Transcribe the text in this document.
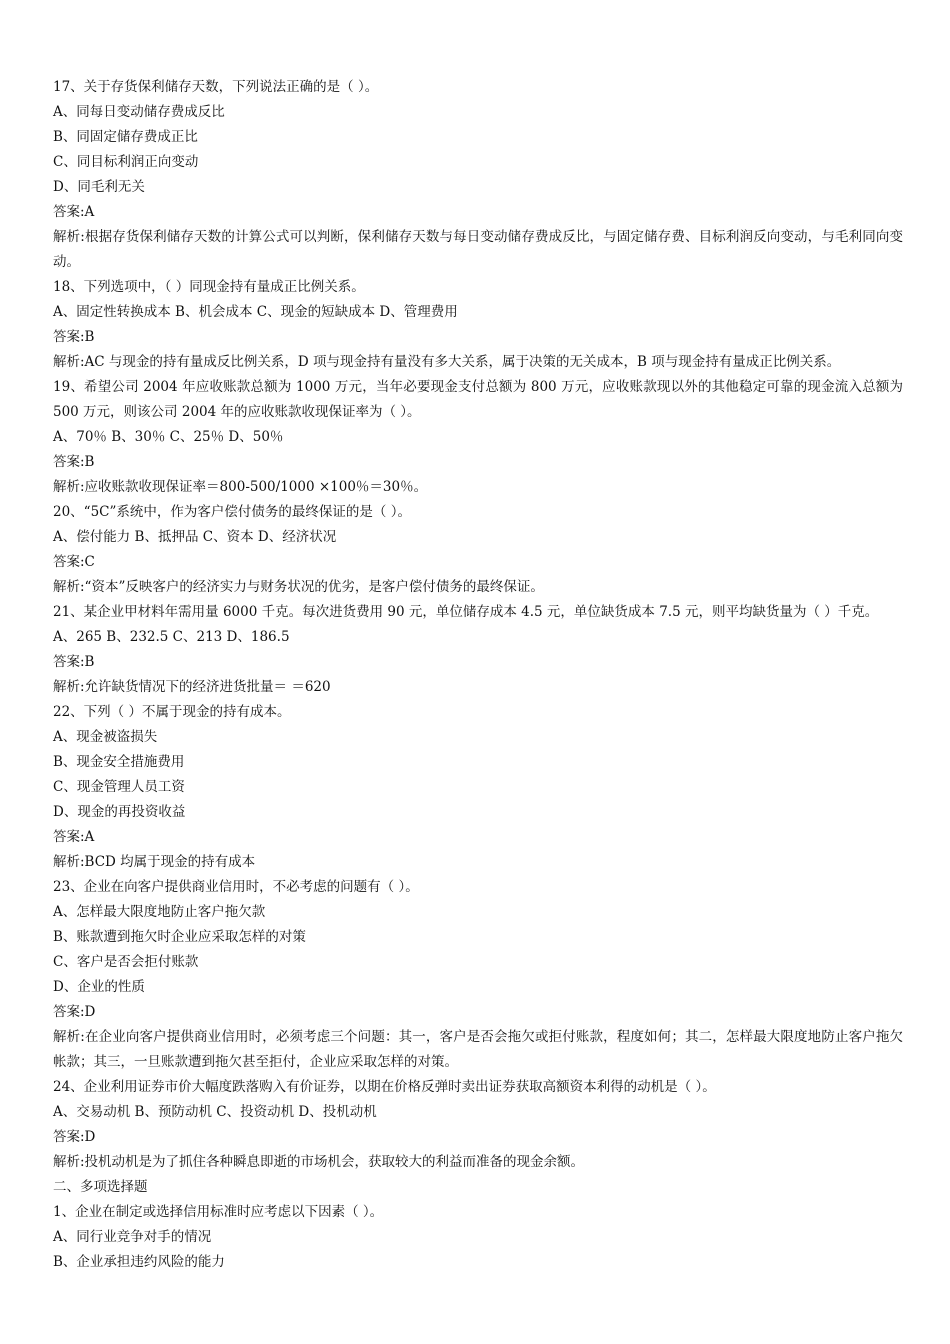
17、关于存货保利储存天数，下列说法正确的是（ ）。
A、同每日变动储存费成反比
B、同固定储存费成正比
C、同目标利润正向变动
D、同毛利无关
答案:A
解析:根据存货保利储存天数的计算公式可以判断，保利储存天数与每日变动储存费成反比，与固定储存费、目标利润反向变动，与毛利同向变动。
18、下列选项中，（ ）同现金持有量成正比例关系。
A、固定性转换成本 B、机会成本 C、现金的短缺成本 D、管理费用
答案:B
解析:AC 与现金的持有量成反比例关系，D 项与现金持有量没有多大关系，属于决策的无关成本，B 项与现金持有量成正比例关系。
19、希望公司 2004 年应收账款总额为 1000 万元，当年必要现金支付总额为 800 万元，应收账款现以外的其他稳定可靠的现金流入总额为 500 万元，则该公司 2004 年的应收账款收现保证率为（ ）。
A、70％ B、30％ C、25％ D、50％
答案:B
解析:应收账款收现保证率＝800-500/1000 ×100％＝30％。
20、“5C”系统中，作为客户偿付债务的最终保证的是（ ）。
A、偿付能力 B、抵押品 C、资本 D、经济状况
答案:C
解析:“资本”反映客户的经济实力与财务状况的优劣，是客户偿付债务的最终保证。
21、某企业甲材料年需用量 6000 千克。每次进货费用 90 元，单位储存成本 4.5 元，单位缺货成本 7.5 元，则平均缺货量为（ ）千克。
A、265 B、232.5 C、213 D、186.5
答案:B
解析:允许缺货情况下的经济进货批量＝ ＝620
22、下列（ ）不属于现金的持有成本。
A、现金被盗损失
B、现金安全措施费用
C、现金管理人员工资
D、现金的再投资收益
答案:A
解析:BCD 均属于现金的持有成本
23、企业在向客户提供商业信用时，不必考虑的问题有（ ）。
A、怎样最大限度地防止客户拖欠款
B、账款遭到拖欠时企业应采取怎样的对策
C、客户是否会拒付账款
D、企业的性质
答案:D
解析:在企业向客户提供商业信用时，必须考虑三个问题：其一，客户是否会拖欠或拒付账款，程度如何；其二，怎样最大限度地防止客户拖欠帐款；其三，一旦账款遭到拖欠甚至拒付，企业应采取怎样的对策。
24、企业利用证券市价大幅度跌落购入有价证券，以期在价格反弹时卖出证券获取高额资本利得的动机是（ ）。
A、交易动机 B、预防动机 C、投资动机 D、投机动机
答案:D
解析:投机动机是为了抓住各种瞬息即逝的市场机会，获取较大的利益而准备的现金余额。
二、多项选择题
1、企业在制定或选择信用标准时应考虑以下因素（ ）。
A、同行业竞争对手的情况
B、企业承担违约风险的能力
